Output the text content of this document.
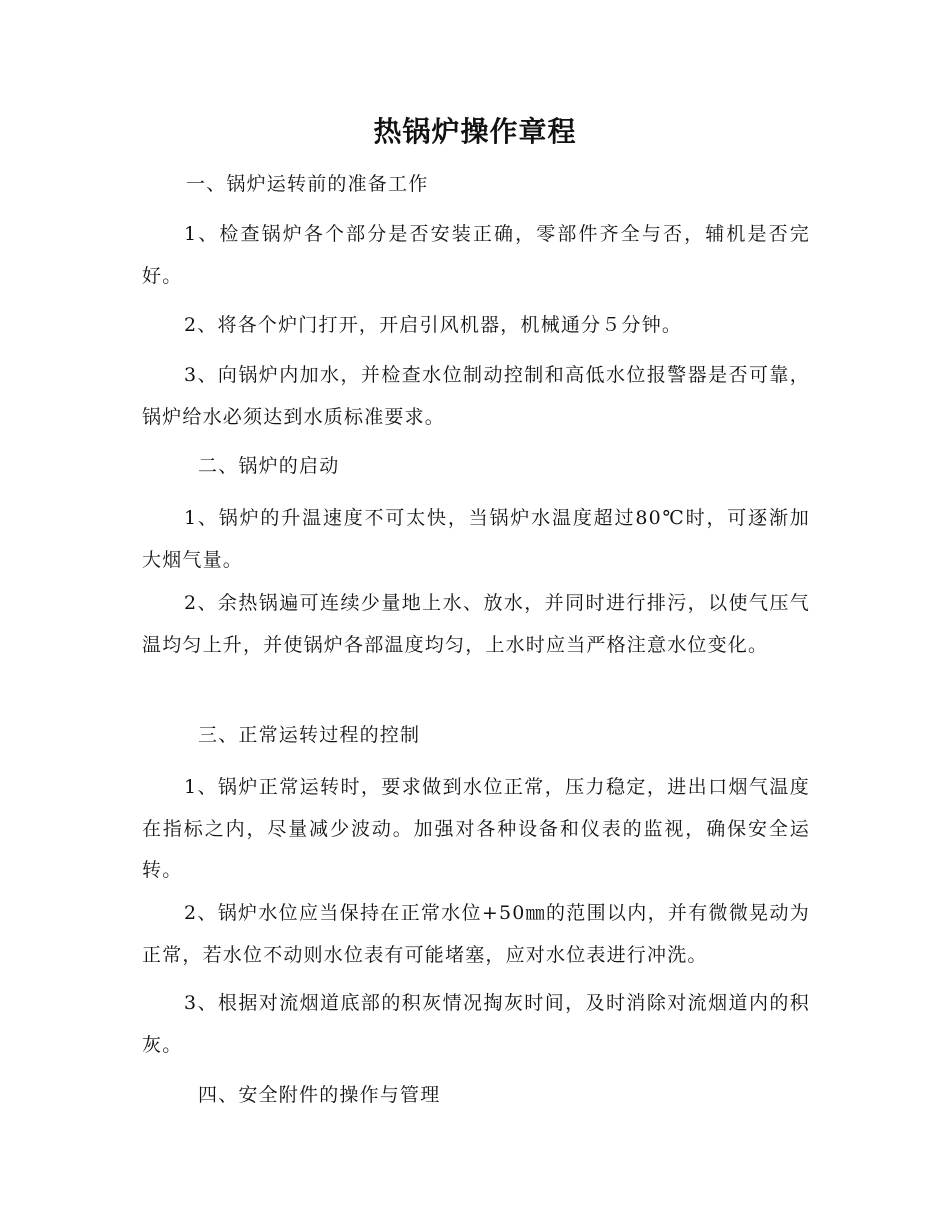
热锅炉操作章程
一、锅炉运转前的准备工作
1、检查锅炉各个部分是否安装正确，零部件齐全与否，辅机是否完好。
2、将各个炉门打开，开启引风机器，机械通分５分钟。
3、向锅炉内加水，并检查水位制动控制和高低水位报警器是否可靠，锅炉给水必须达到水质标准要求。
二、锅炉的启动
1、锅炉的升温速度不可太快，当锅炉水温度超过80℃时，可逐渐加大烟气量。
2、余热锅遍可连续少量地上水、放水，并同时进行排污，以使气压气温均匀上升，并使锅炉各部温度均匀，上水时应当严格注意水位变化。
三、正常运转过程的控制
1、锅炉正常运转时，要求做到水位正常，压力稳定，进出口烟气温度在指标之内，尽量减少波动。加强对各种设备和仪表的监视，确保安全运转。
2、锅炉水位应当保持在正常水位+50㎜的范围以内，并有微微晃动为正常，若水位不动则水位表有可能堵塞，应对水位表进行冲洗。
3、根据对流烟道底部的积灰情况掏灰时间，及时消除对流烟道内的积灰。
四、安全附件的操作与管理
